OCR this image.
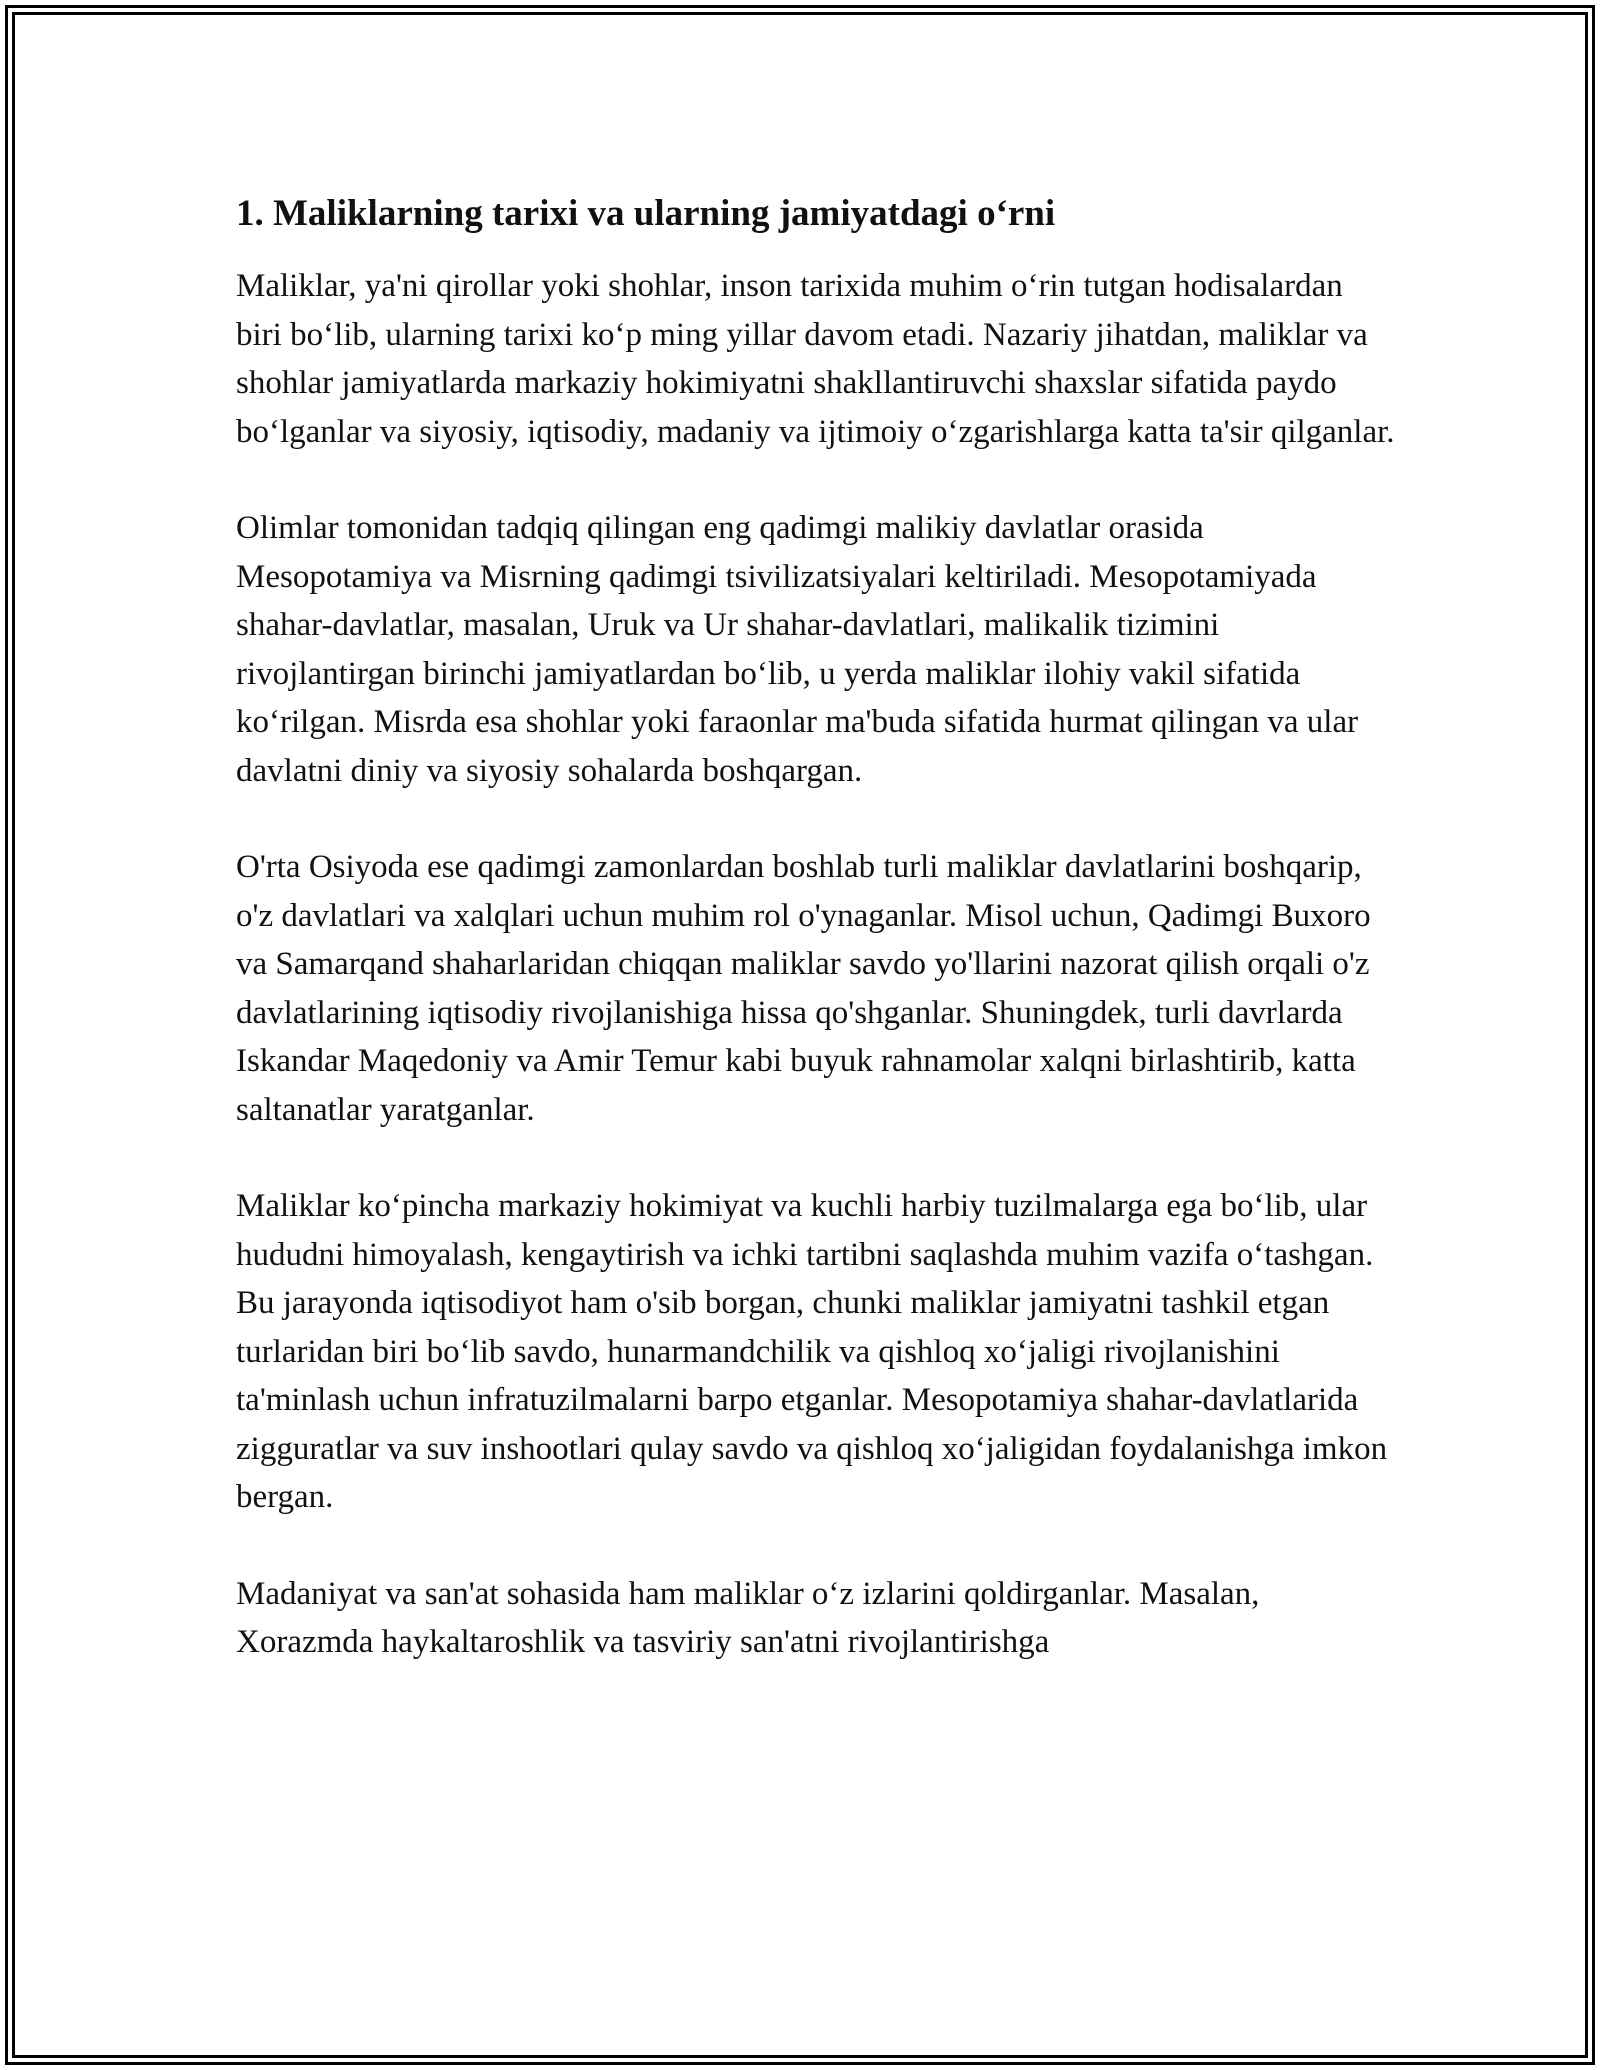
1. Maliklarning tarixi va ularning jamiyatdagi o‘rni

Maliklar, ya'ni qirollar yoki shohlar, inson tarixida muhim o‘rin tutgan hodisalardan biri bo‘lib, ularning tarixi ko‘p ming yillar davom etadi. Nazariy jihatdan, maliklar va shohlar jamiyatlarda markaziy hokimiyatni shakllantiruvchi shaxslar sifatida paydo bo‘lganlar va siyosiy, iqtisodiy, madaniy va ijtimoiy o‘zgarishlarga katta ta'sir qilganlar.

Olimlar tomonidan tadqiq qilingan eng qadimgi malikiy davlatlar orasida Mesopotamiya va Misrning qadimgi tsivilizatsiyalari keltiriladi. Mesopotamiyada shahar-davlatlar, masalan, Uruk va Ur shahar-davlatlari, malikalik tizimini rivojlantirgan birinchi jamiyatlardan bo‘lib, u yerda maliklar ilohiy vakil sifatida ko‘rilgan. Misrda esa shohlar yoki faraonlar ma'buda sifatida hurmat qilingan va ular davlatni diniy va siyosiy sohalarda boshqargan.

O'rta Osiyoda ese qadimgi zamonlardan boshlab turli maliklar davlatlarini boshqarip, o'z davlatlari va xalqlari uchun muhim rol o'ynaganlar. Misol uchun, Qadimgi Buxoro va Samarqand shaharlaridan chiqqan maliklar savdo yo'llarini nazorat qilish orqali o'z davlatlarining iqtisodiy rivojlanishiga hissa qo'shganlar. Shuningdek, turli davrlarda Iskandar Maqedoniy va Amir Temur kabi buyuk rahnamolar xalqni birlashtirib, katta saltanatlar yaratganlar.

Maliklar ko‘pincha markaziy hokimiyat va kuchli harbiy tuzilmalarga ega bo‘lib, ular hududni himoyalash, kengaytirish va ichki tartibni saqlashda muhim vazifa o‘tashgan. Bu jarayonda iqtisodiyot ham o'sib borgan, chunki maliklar jamiyatni tashkil etgan turlaridan biri bo‘lib savdo, hunarmandchilik va qishloq xo‘jaligi rivojlanishini ta'minlash uchun infratuzilmalarni barpo etganlar. Mesopotamiya shahar-davlatlarida zigguratlar va suv inshootlari qulay savdo va qishloq xo‘jaligidan foydalanishga imkon bergan.

Madaniyat va san'at sohasida ham maliklar o‘z izlarini qoldirganlar. Masalan, Xorazmda haykaltaroshlik va tasviriy san'atni rivojlantirishga
